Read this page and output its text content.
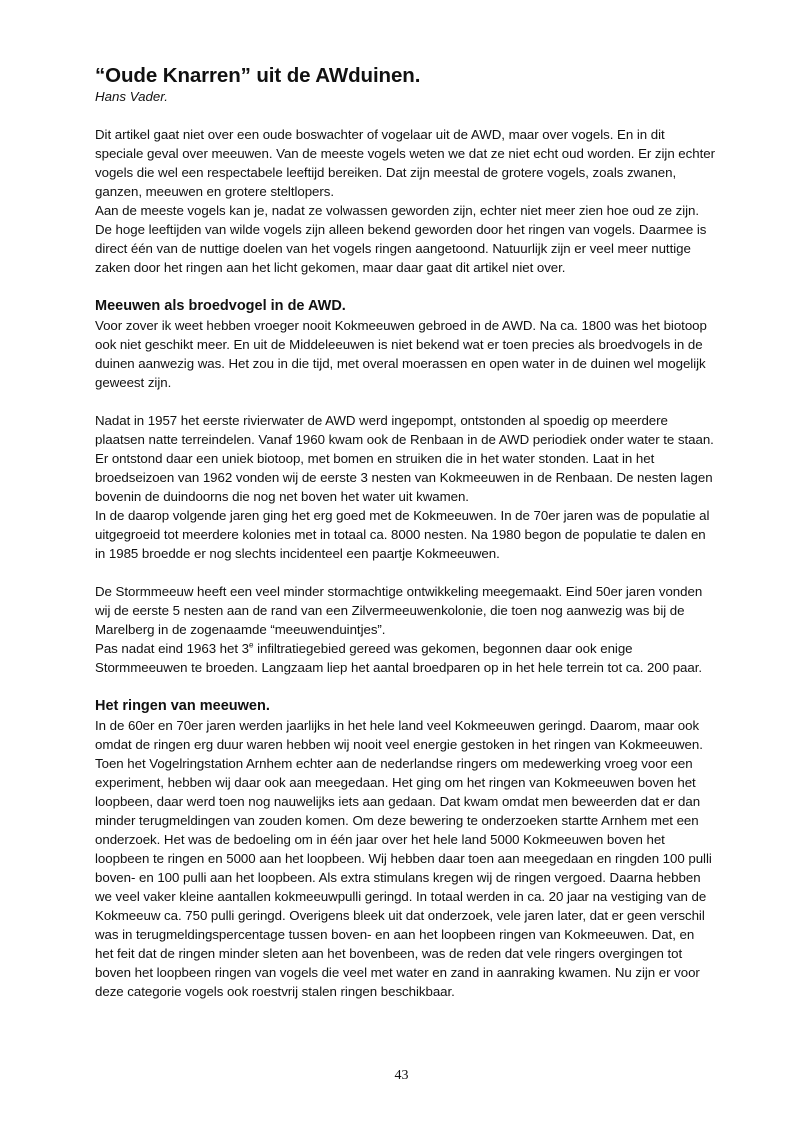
“Oude Knarren” uit de AWduinen.
Hans Vader.

Dit artikel gaat niet over een oude boswachter of vogelaar uit de AWD, maar over vogels. En in dit speciale geval over meeuwen. Van de meeste vogels weten we dat ze niet echt oud worden. Er zijn echter vogels die wel een respectabele leeftijd bereiken. Dat zijn meestal de grotere vogels, zoals zwanen, ganzen, meeuwen en grotere steltlopers.

Aan de meeste vogels kan je, nadat ze volwassen geworden zijn, echter niet meer zien hoe oud ze zijn. De hoge leeftijden van wilde vogels zijn alleen bekend geworden door het ringen van vogels. Daarmee is direct één van de nuttige doelen van het vogels ringen aangetoond. Natuurlijk zijn er veel meer nuttige zaken door het ringen aan het licht gekomen, maar daar gaat dit artikel niet over.

Meeuwen als broedvogel in de AWD.

Voor zover ik weet hebben vroeger nooit Kokmeeuwen gebroed in de AWD. Na ca. 1800 was het biotoop ook niet geschikt meer. En uit de Middeleeuwen is niet bekend wat er toen precies als broedvogels in de duinen aanwezig was. Het zou in die tijd, met overal moerassen en open water in de duinen wel mogelijk geweest zijn.

Nadat in 1957 het eerste rivierwater de AWD werd ingepompt, ontstonden al spoedig op meerdere plaatsen natte terreindelen. Vanaf 1960 kwam ook de Renbaan in de AWD periodiek onder water te staan. Er ontstond daar een uniek biotoop, met bomen en struiken die in het water stonden. Laat in het broedseizoen van 1962 vonden wij de eerste 3 nesten van Kokmeeuwen in de Renbaan. De nesten lagen bovenin de duindoorns die nog net boven het water uit kwamen.

In de daarop volgende jaren ging het erg goed met de Kokmeeuwen. In de 70er jaren was de populatie al uitgegroeid tot meerdere kolonies met in totaal ca. 8000 nesten. Na 1980 begon de populatie te dalen en in 1985 broedde er nog slechts incidenteel een paartje Kokmeeuwen.

De Stormmeeuw heeft een veel minder stormachtige ontwikkeling meegemaakt. Eind 50er jaren vonden wij de eerste 5 nesten aan de rand van een Zilvermeeuwenkolonie, die toen nog aanwezig was bij de Marelberg in de zogenaamde “meeuwenduintjes”.

Pas nadat eind 1963 het 3e infiltratiegebied gereed was gekomen, begonnen daar ook enige Stormmeeuwen te broeden. Langzaam liep het aantal broedparen op in het hele terrein tot ca. 200 paar.

Het ringen van meeuwen.

In de 60er en 70er jaren werden jaarlijks in het hele land veel Kokmeeuwen geringd. Daarom, maar ook omdat de ringen erg duur waren hebben wij nooit veel energie gestoken in het ringen van Kokmeeuwen.

Toen het Vogelringstation Arnhem echter aan de nederlandse ringers om medewerking vroeg voor een experiment, hebben wij daar ook aan meegedaan. Het ging om het ringen van Kokmeeuwen boven het loopbeen, daar werd toen nog nauwelijks iets aan gedaan. Dat kwam omdat men beweerden dat er dan minder terugmeldingen van zouden komen. Om deze bewering te onderzoeken startte Arnhem met een onderzoek. Het was de bedoeling om in één jaar over het hele land 5000 Kokmeeuwen boven het loopbeen te ringen en 5000 aan het loopbeen. Wij hebben daar toen aan meegedaan en ringden 100 pulli boven- en 100 pulli aan het loopbeen. Als extra stimulans kregen wij de ringen vergoed. Daarna hebben we veel vaker kleine aantallen kokmeeuwpulli geringd. In totaal werden in ca. 20 jaar na vestiging van de Kokmeeuw ca. 750 pulli geringd. Overigens bleek uit dat onderzoek, vele jaren later, dat er geen verschil was in terugmeldingspercentage tussen boven- en aan het loopbeen ringen van Kokmeeuwen. Dat, en het feit dat de ringen minder sleten aan het bovenbeen, was de reden dat vele ringers overgingen tot boven het loopbeen ringen van vogels die veel met water en zand in aanraking kwamen. Nu zijn er voor deze categorie vogels ook roestvrij stalen ringen beschikbaar.

43
